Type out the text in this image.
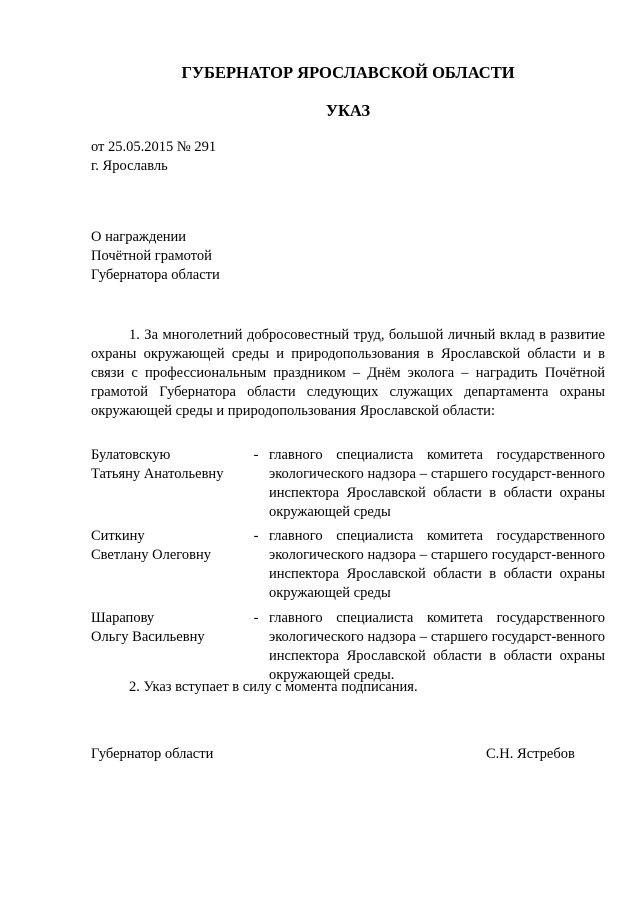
ГУБЕРНАТОР ЯРОСЛАВСКОЙ ОБЛАСТИ
УКАЗ
от 25.05.2015 № 291
г. Ярославль
О награждении
Почётной грамотой
Губернатора области
1. За многолетний добросовестный труд, большой личный вклад в развитие охраны окружающей среды и природопользования в Ярославской области и в связи с профессиональным праздником – Днём эколога – наградить Почётной грамотой Губернатора области следующих служащих департамента охраны окружающей среды и природопользования Ярославской области:
Булатовскую
Татьяну Анатольевну
- главного специалиста комитета государственного экологического надзора – старшего государст-венного инспектора Ярославской области в области охраны окружающей среды
Ситкину
Светлану Олеговну
- главного специалиста комитета государственного экологического надзора – старшего государст-венного инспектора Ярославской области в области охраны окружающей среды
Шарапову
Ольгу Васильевну
- главного специалиста комитета государственного экологического надзора – старшего государст-венного инспектора Ярославской области в области охраны окружающей среды.
2. Указ вступает в силу с момента подписания.
Губернатор области	С.Н. Ястребов
